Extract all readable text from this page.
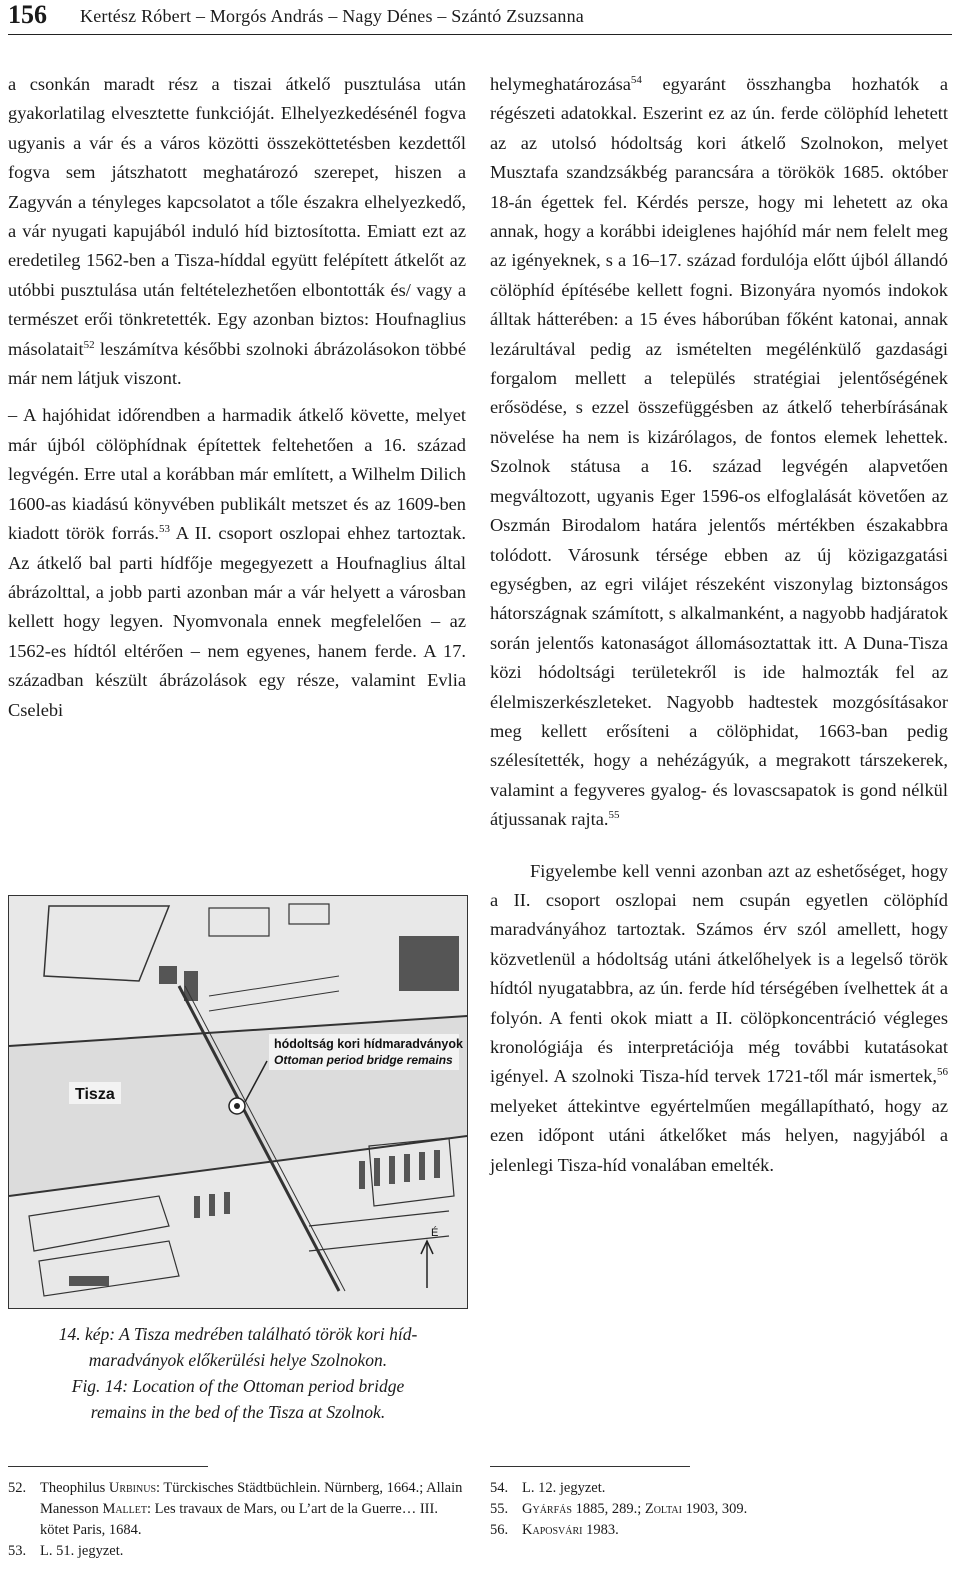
156 Kertész Róbert – Morgós András – Nagy Dénes – Szántó Zsuzsanna

a csonkán maradt rész a tiszai átkelő pusztulása után gyakorlatilag elvesztette funkcióját. Elhelyezkedésénél fogva ugyanis a vár és a város közötti összeköttetésben kezdettől fogva sem játszhatott meghatározó szerepet, hiszen a Zagyván a tényleges kapcsolatot a tőle északra elhelyezkedő, a vár nyugati kapujából induló híd biztosította. Emiatt ezt az eredetileg 1562-ben a Tisza-híddal együtt felépített átkelőt az utóbbi pusztulása után feltételezhetően elbontották és/ vagy a természet erői tönkretették. Egy azonban biztos: Houfnaglius másolatait$^{52}$ leszámítva későbbi szolnoki ábrázolásokon többé már nem látjuk viszont.

– A hajóhidat időrendben a harmadik átkelő követte, melyet már újból cölöphídnak építettek feltehetően a 16. század legvégén. Erre utal a korábban már említett, a Wilhelm Dilich 1600-as kiadású könyvében publikált metszet és az 1609-ben kiadott török forrás.$^{53}$ A II. csoport oszlopai ehhez tartoztak. Az átkelő bal parti hídfője megegyezett a Houfnaglius által ábrázolttal, a jobb parti azonban már a vár helyett a városban kellett hogy legyen. Nyomvonala ennek megfelelően – az 1562-es hídtól eltérően – nem egyenes, hanem ferde. A 17. században készült ábrázolások egy része, valamint Evlia Cselebi

hódoltság kori hídmaradványok
Ottoman period bridge remains
Tisza
É
14. kép: A Tisza medrében található török kori híd-
maradványok előkerülési helye Szolnokon.
Fig. 14: Location of the Ottoman period bridge
remains in the bed of the Tisza at Szolnok.

helymeghatározása$^{54}$ egyaránt összhangba hozhatók a régészeti adatokkal. Eszerint ez az ún. ferde cölöphíd lehetett az az utolsó hódoltság kori átkelő Szolnokon, melyet Musztafa szandzsákbég parancsára a törökök 1685. október 18-án égettek fel. Kérdés persze, hogy mi lehetett az oka annak, hogy a korábbi ideiglenes hajóhíd már nem felelt meg az igényeknek, s a 16–17. század fordulója előtt újból állandó cölöphíd építésébe kellett fogni. Bizonyára nyomós indokok álltak hátterében: a 15 éves háborúban főként katonai, annak lezárultával pedig az ismételten megélénkülő gazdasági forgalom mellett a település stratégiai jelentőségének erősödése, s ezzel összefüggésben az átkelő teherbírásának növelése ha nem is kizárólagos, de fontos elemek lehettek. Szolnok státusa a 16. század legvégén alapvetően megváltozott, ugyanis Eger 1596-os elfoglalását követően az Oszmán Birodalom határa jelentős mértékben északabbra tolódott. Városunk térsége ebben az új közigazgatási egységben, az egri vilájet részeként viszonylag biztonságos hátországnak számított, s alkalmanként, a nagyobb hadjáratok során jelentős katonaságot állomásoztattak itt. A Duna-Tisza közi hódoltsági területekről is ide halmozták fel az élelmiszerkészleteket. Nagyobb hadtestek mozgósításakor meg kellett erősíteni a cölöphidat, 1663-ban pedig szélesítették, hogy a nehézágyúk, a megrakott társzekerek, valamint a fegyveres gyalog- és lovascsapatok is gond nélkül átjussanak rajta.$^{55}$

Figyelembe kell venni azonban azt az eshetőséget, hogy a II. csoport oszlopai nem csupán egyetlen cölöphíd maradványához tartoztak. Számos érv szól amellett, hogy közvetlenül a hódoltság utáni átkelőhelyek is a legelső török hídtól nyugatabbra, az ún. ferde híd térségében ívelhettek át a folyón. A fenti okok miatt a II. cölöpkoncentráció végleges kronológiája és interpretációja még további kutatásokat igényel. A szolnoki Tisza-híd tervek 1721-től már ismertek,$^{56}$ melyeket áttekintve egyértelműen megállapítható, hogy az ezen időpont utáni átkelőket más helyen, nagyjából a jelenlegi Tisza-híd vonalában emelték.

52. Theophilus Urbinus: Türckisches Städtbüchlein. Nürnberg, 1664.; Allain Manesson Mallet: Les travaux de Mars, ou L’art de la Guerre… III. kötet Paris, 1684.
53. L. 51. jegyzet.
54. L. 12. jegyzet.
55. Gyárfás 1885, 289.; Zoltai 1903, 309.
56. Kaposvári 1983.
